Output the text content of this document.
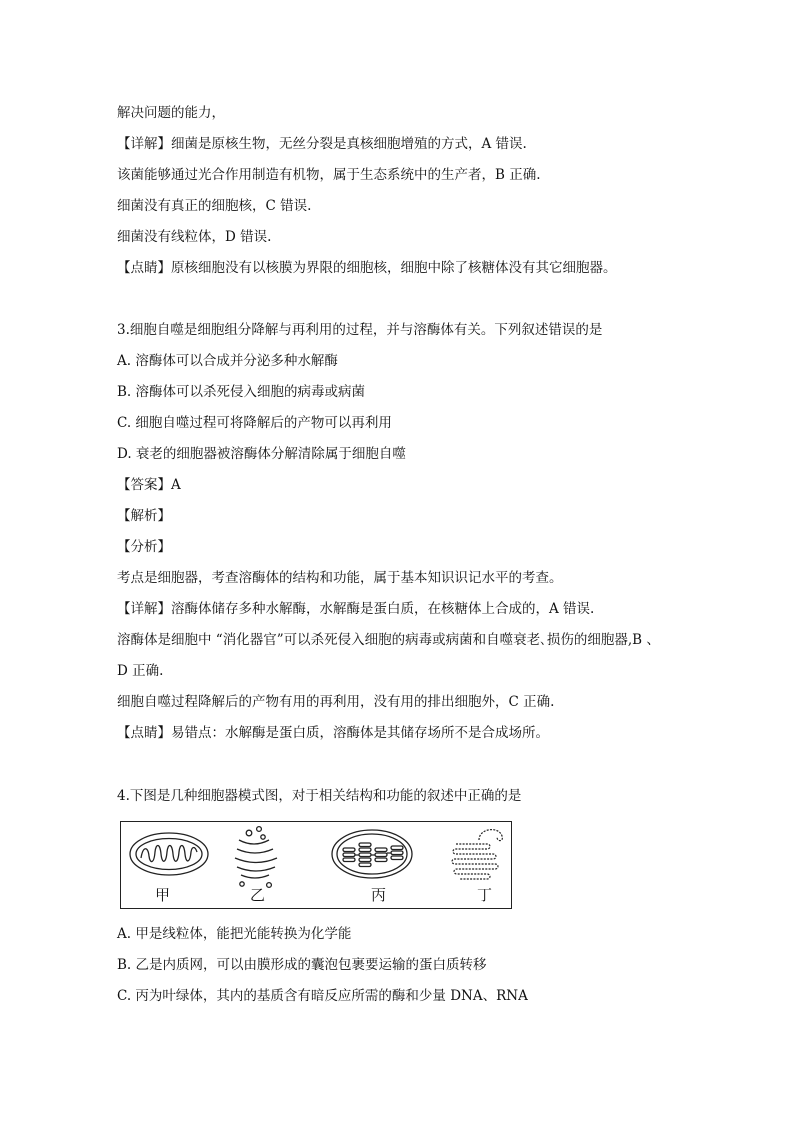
解决问题的能力，
【详解】细菌是原核生物，无丝分裂是真核细胞增殖的方式，A 错误.
该菌能够通过光合作用制造有机物，属于生态系统中的生产者，B 正确.
细菌没有真正的细胞核，C 错误.
细菌没有线粒体，D 错误.
【点睛】原核细胞没有以核膜为界限的细胞核，细胞中除了核糖体没有其它细胞器。
3.细胞自噬是细胞组分降解与再利用的过程，并与溶酶体有关。下列叙述错误的是
A. 溶酶体可以合成并分泌多种水解酶
B. 溶酶体可以杀死侵入细胞的病毒或病菌
C. 细胞自噬过程可将降解后的产物可以再利用
D. 衰老的细胞器被溶酶体分解清除属于细胞自噬
【答案】A
【解析】
【分析】
考点是细胞器，考查溶酶体的结构和功能，属于基本知识识记水平的考查。
【详解】溶酶体储存多种水解酶，水解酶是蛋白质，在核糖体上合成的，A 错误.
溶酶体是细胞中 “消化器官”可以杀死侵入细胞的病毒或病菌和自噬衰老､损伤的细胞器,B 、
D 正确.
细胞自噬过程降解后的产物有用的再利用，没有用的排出细胞外，C 正确.
【点睛】易错点：水解酶是蛋白质，溶酶体是其储存场所不是合成场所。
4.下图是几种细胞器模式图，对于相关结构和功能的叙述中正确的是
甲	乙	丙	丁
A. 甲是线粒体，能把光能转换为化学能
B. 乙是内质网，可以由膜形成的囊泡包裹要运输的蛋白质转移
C. 丙为叶绿体，其内的基质含有暗反应所需的酶和少量 DNA、RNA
